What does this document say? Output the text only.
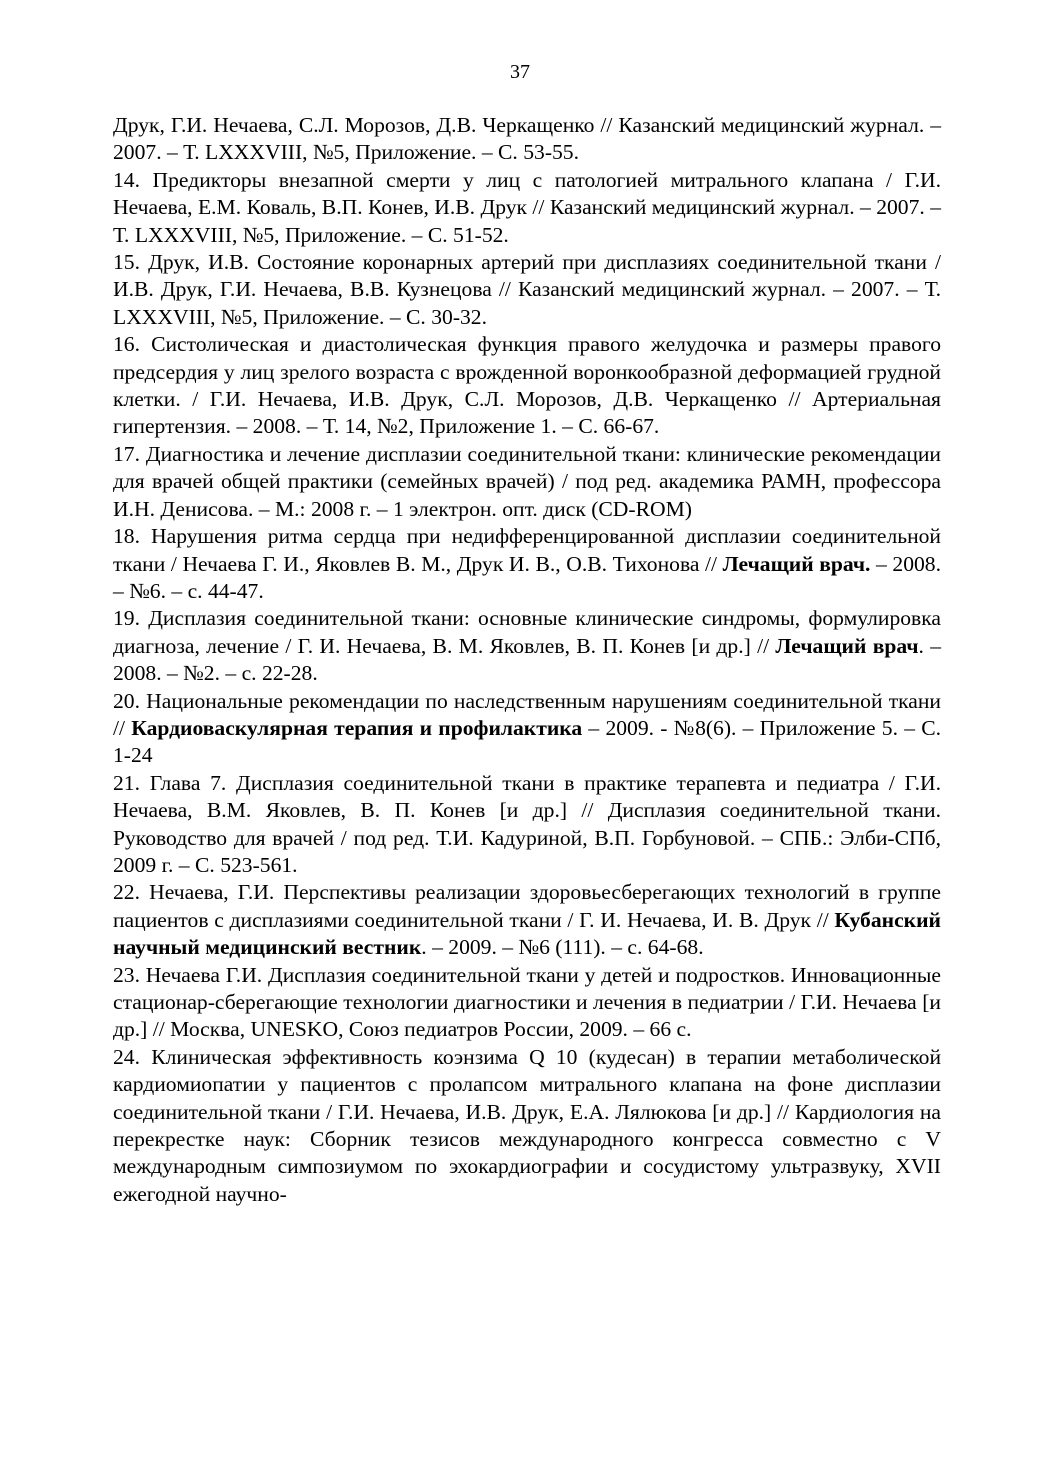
37

Друк, Г.И. Нечаева, С.Л. Морозов, Д.В. Черкащенко // Казанский медицинский журнал. – 2007. – Т. LXXXVIII, №5, Приложение. – С. 53-55.

14. Предикторы внезапной смерти у лиц с патологией митрального клапана / Г.И. Нечаева, Е.М. Коваль, В.П. Конев, И.В. Друк // Казанский медицинский журнал. – 2007. – Т. LXXXVIII, №5, Приложение. – С. 51-52.

15. Друк, И.В. Состояние коронарных артерий при дисплазиях соединительной ткани / И.В. Друк, Г.И. Нечаева, В.В. Кузнецова // Казанский медицинский журнал. – 2007. – Т. LXXXVIII, №5, Приложение. – С. 30-32.

16. Систолическая и диастолическая функция правого желудочка и размеры правого предсердия у лиц зрелого возраста с врожденной воронкообразной деформацией грудной клетки. / Г.И. Нечаева, И.В. Друк, С.Л. Морозов, Д.В. Черкащенко // Артериальная гипертензия. – 2008. – Т. 14, №2, Приложение 1. – С. 66-67.

17. Диагностика и лечение дисплазии соединительной ткани: клинические рекомендации для врачей общей практики (семейных врачей) / под ред. академика РАМН, профессора И.Н. Денисова. – М.: 2008 г. – 1 электрон. опт. диск (CD-ROM)

18. Нарушения ритма сердца при недифференцированной дисплазии соединительной ткани / Нечаева Г. И., Яковлев В. М., Друк И. В., О.В. Тихонова // Лечащий врач. – 2008. – №6. – с. 44-47.

19. Дисплазия соединительной ткани: основные клинические синдромы, формулировка диагноза, лечение / Г. И. Нечаева, В. М. Яковлев, В. П. Конев [и др.] // Лечащий врач. – 2008. – №2. – с. 22-28.

20. Национальные рекомендации по наследственным нарушениям соединительной ткани // Кардиоваскулярная терапия и профилактика – 2009. - №8(6). – Приложение 5. – С. 1-24

21. Глава 7. Дисплазия соединительной ткани в практике терапевта и педиатра / Г.И. Нечаева, В.М. Яковлев, В. П. Конев [и др.] // Дисплазия соединительной ткани. Руководство для врачей / под ред. Т.И. Кадуриной, В.П. Горбуновой. – СПБ.: Элби-СПб, 2009 г. – С. 523-561.

22. Нечаева, Г.И. Перспективы реализации здоровьесберегающих технологий в группе пациентов с дисплазиями соединительной ткани / Г. И. Нечаева, И. В. Друк // Кубанский научный медицинский вестник. – 2009. – №6 (111). – с. 64-68.

23. Нечаева Г.И. Дисплазия соединительной ткани у детей и подростков. Инновационные стационар-сберегающие технологии диагностики и лечения в педиатрии / Г.И. Нечаева [и др.] // Москва, UNESKO, Союз педиатров России, 2009. – 66 с.

24. Клиническая эффективность коэнзима Q 10 (кудесан) в терапии метаболической кардиомиопатии у пациентов с пролапсом митрального клапана на фоне дисплазии соединительной ткани / Г.И. Нечаева, И.В. Друк, Е.А. Лялюкова [и др.] // Кардиология на перекрестке наук: Сборник тезисов международного конгресса совместно с V международным симпозиумом по эхокардиографии и сосудистому ультразвуку, XVII ежегодной научно-
